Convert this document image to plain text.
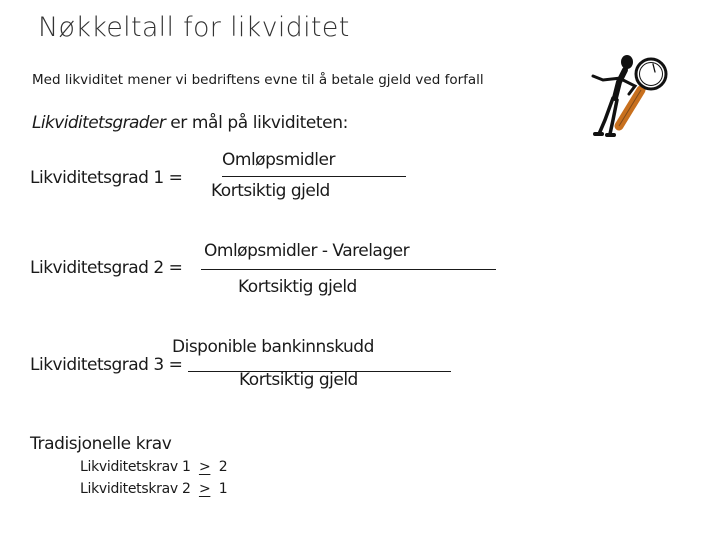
Nøkkeltall for likviditet
Med likviditet mener vi bedriftens evne til å betale gjeld ved forfall
Likviditetsgrader er mål på likviditeten:
Likviditetsgrad 1 =
Omløpsmidler
Kortsiktig gjeld
Omløpsmidler - Varelager
Likviditetsgrad 2 =
Kortsiktig gjeld
Disponible bankinnskudd
Likviditetsgrad 3 =
Kortsiktig gjeld
Tradisjonelle krav
Likviditetskrav 1 > 2
Likviditetskrav 2 > 1
